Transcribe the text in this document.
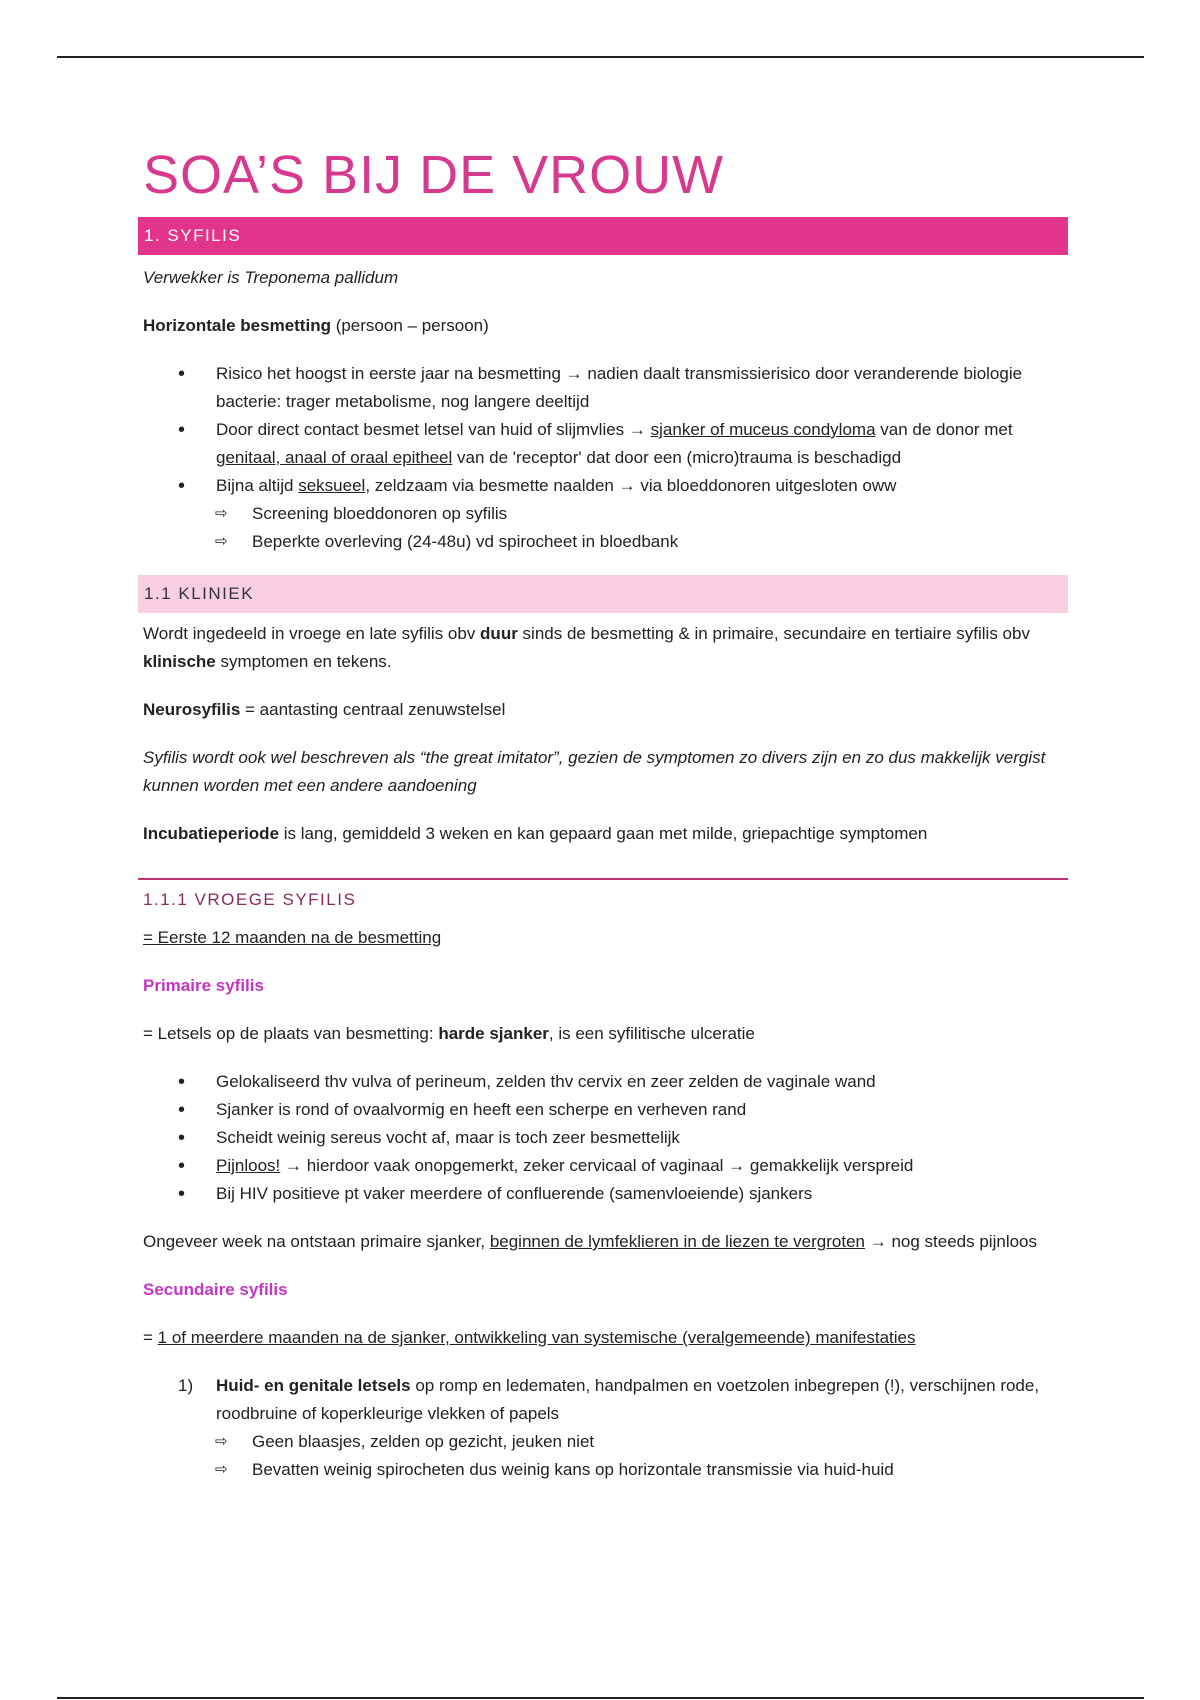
SOA’S BIJ DE VROUW
1. SYFILIS

Verwekker is Treponema pallidum

Horizontale besmetting (persoon – persoon)

• Risico het hoogst in eerste jaar na besmetting → nadien daalt transmissierisico door veranderende biologie bacterie: trager metabolisme, nog langere deeltijd
• Door direct contact besmet letsel van huid of slijmvlies → sjanker of muceus condyloma van de donor met genitaal, anaal of oraal epitheel van de 'receptor' dat door een (micro)trauma is beschadigd
• Bijna altijd seksueel, zeldzaam via besmette naalden → via bloeddonoren uitgesloten oww
⇨ Screening bloeddonoren op syfilis
⇨ Beperkte overleving (24-48u) vd spirocheet in bloedbank
1.1 KLINIEK

Wordt ingedeeld in vroege en late syfilis obv duur sinds de besmetting & in primaire, secundaire en tertiaire syfilis obv klinische symptomen en tekens.

Neurosyfilis = aantasting centraal zenuwstelsel

Syfilis wordt ook wel beschreven als “the great imitator”, gezien de symptomen zo divers zijn en zo dus makkelijk vergist kunnen worden met een andere aandoening

Incubatieperiode is lang, gemiddeld 3 weken en kan gepaard gaan met milde, griepachtige symptomen

1.1.1 VROEGE SYFILIS

= Eerste 12 maanden na de besmetting

Primaire syfilis

= Letsels op de plaats van besmetting: harde sjanker, is een syfilitische ulceratie

• Gelokaliseerd thv vulva of perineum, zelden thv cervix en zeer zelden de vaginale wand
• Sjanker is rond of ovaalvormig en heeft een scherpe en verheven rand
• Scheidt weinig sereus vocht af, maar is toch zeer besmettelijk
• Pijnloos! → hierdoor vaak onopgemerkt, zeker cervicaal of vaginaal → gemakkelijk verspreid
• Bij HIV positieve pt vaker meerdere of confluerende (samenvloeiende) sjankers

Ongeveer week na ontstaan primaire sjanker, beginnen de lymfeklieren in de liezen te vergroten → nog steeds pijnloos

Secundaire syfilis

= 1 of meerdere maanden na de sjanker, ontwikkeling van systemische (veralgemeende) manifestaties

1) Huid- en genitale letsels op romp en ledematen, handpalmen en voetzolen inbegrepen (!), verschijnen rode, roodbruine of koperkleurige vlekken of papels
⇨ Geen blaasjes, zelden op gezicht, jeuken niet
⇨ Bevatten weinig spirocheten dus weinig kans op horizontale transmissie via huid-huid
